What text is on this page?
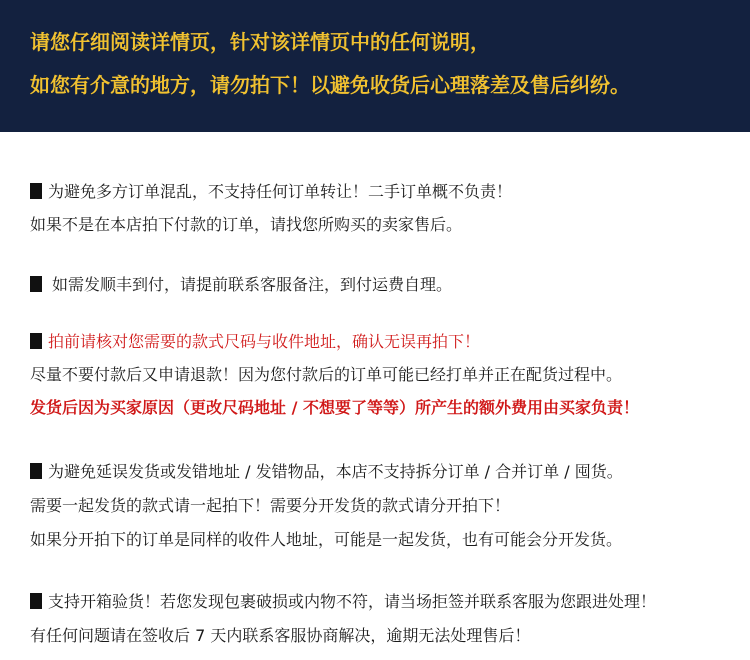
请您仔细阅读详情页，针对该详情页中的任何说明，
如您有介意的地方，请勿拍下！以避免收货后心理落差及售后纠纷。
为避免多方订单混乱，不支持任何订单转让！二手订单概不负责！
如果不是在本店拍下付款的订单，请找您所购买的卖家售后。
如需发顺丰到付，请提前联系客服备注，到付运费自理。
拍前请核对您需要的款式尺码与收件地址，确认无误再拍下！
尽量不要付款后又申请退款！因为您付款后的订单可能已经打单并正在配货过程中。
发货后因为买家原因（更改尺码地址 / 不想要了等等）所产生的额外费用由买家负责！
为避免延误发货或发错地址 / 发错物品，本店不支持拆分订单 / 合并订单 / 囤货。
需要一起发货的款式请一起拍下！需要分开发货的款式请分开拍下！
如果分开拍下的订单是同样的收件人地址，可能是一起发货，也有可能会分开发货。
支持开箱验货！若您发现包裹破损或内物不符，请当场拒签并联系客服为您跟进处理！
有任何问题请在签收后 7 天内联系客服协商解决，逾期无法处理售后！
